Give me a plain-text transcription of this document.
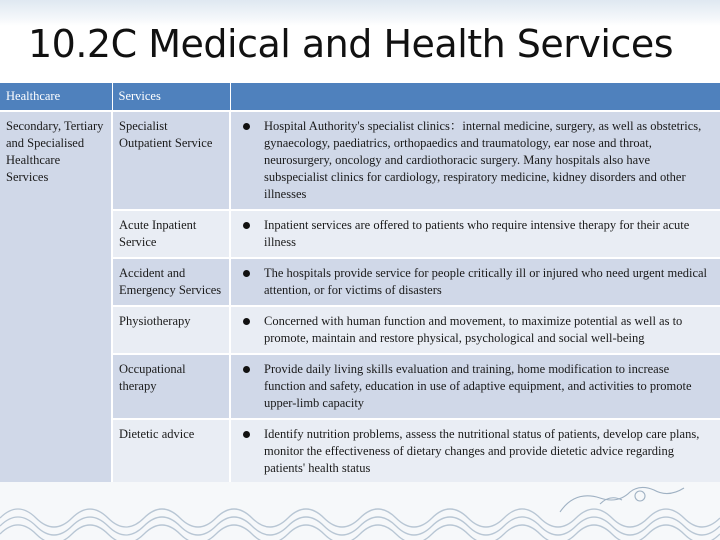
10.2C Medical and Health Services
Healthcare	Services		
Secondary, Tertiary and Specialised Healthcare Services	Specialist Outpatient Service		Hospital Authority's specialist clinics：internal medicine, surgery, as well as obstetrics, gynaecology, paediatrics, orthopaedics and traumatology, ear nose and throat, neurosurgery, oncology and cardiothoracic surgery. Many hospitals also have subspecialist clinics for cardiology, respiratory medicine, kidney disorders and other illnesses
	Acute Inpatient Service		Inpatient services are offered to patients who require intensive therapy for their acute illness
	Accident and Emergency Services		The hospitals provide service for people critically ill or injured who need urgent medical attention, or for victims of disasters
	Physiotherapy		Concerned with human function and movement, to maximize potential as well as to promote, maintain and restore physical, psychological and social well-being
	Occupational therapy		Provide daily living skills evaluation and training, home modification to increase function and safety, education in use of adaptive equipment, and activities to promote upper-limb capacity
	Dietetic advice		Identify nutrition problems, assess the nutritional status of patients, develop care plans, monitor the effectiveness of dietary changes and provide dietetic advice regarding patients' health status
